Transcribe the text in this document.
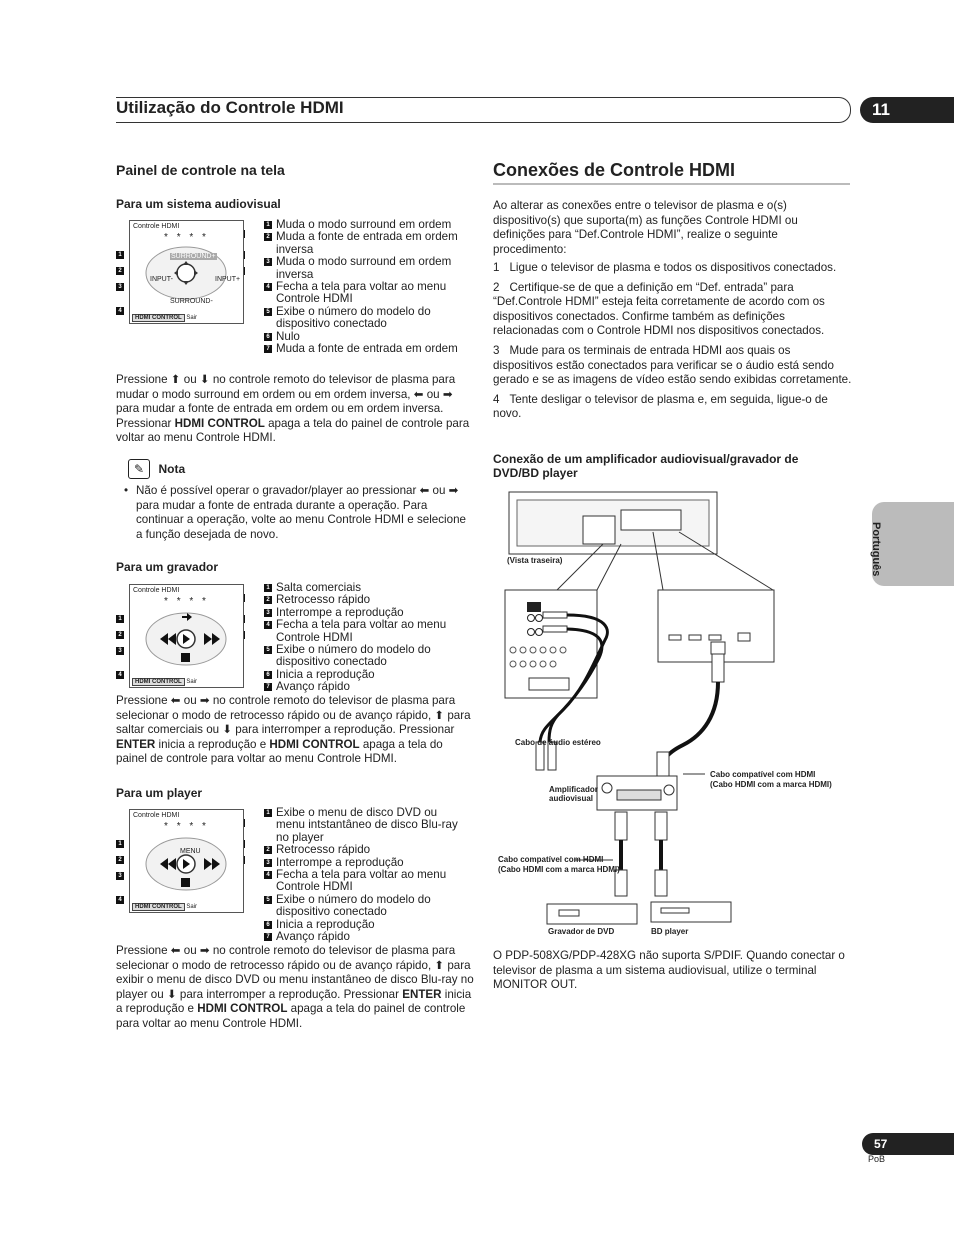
Utilização do Controle HDMI	11
Painel de controle na tela
Para um sistema audiovisual
1
2
3
4
Controle HDMI
* * * *
SURROUND+
INPUT-	INPUT+
SURROUND-
HDMI CONTROL Sair
1 Muda o modo surround em ordem
2 Muda a fonte de entrada em ordem inversa
3 Muda o modo surround em ordem inversa
4 Fecha a tela para voltar ao menu Controle HDMI
5 Exibe o número do modelo do dispositivo conectado
6 Nulo
7 Muda a fonte de entrada em ordem
Pressione ⬆ ou ⬇ no controle remoto do televisor de plasma para mudar o modo surround em ordem ou em ordem inversa, ⬅ ou ➡ para mudar a fonte de entrada em ordem ou em ordem inversa. Pressionar HDMI CONTROL apaga a tela do painel de controle para voltar ao menu Controle HDMI.
✎ Nota
• Não é possível operar o gravador/player ao pressionar ⬅ ou ➡ para mudar a fonte de entrada durante a operação. Para continuar a operação, volte ao menu Controle HDMI e selecione a função desejada de novo.
Para um gravador
1
2
3
4
Controle HDMI
* * * *
HDMI CONTROL Sair
1 Salta comerciais
2 Retrocesso rápido
3 Interrompe a reprodução
4 Fecha a tela para voltar ao menu Controle HDMI
5 Exibe o número do modelo do dispositivo conectado
6 Inicia a reprodução
7 Avanço rápido
Pressione ⬅ ou ➡ no controle remoto do televisor de plasma para selecionar o modo de retrocesso rápido ou de avanço rápido, ⬆ para saltar comerciais ou ⬇ para interromper a reprodução. Pressionar ENTER inicia a reprodução e HDMI CONTROL apaga a tela do painel de controle para voltar ao menu Controle HDMI.
Para um player
1
2
3
4
Controle HDMI
* * * *
MENU
HDMI CONTROL Sair
1 Exibe o menu de disco DVD ou menu intstantâneo de disco Blu-ray no player
2 Retrocesso rápido
3 Interrompe a reprodução
4 Fecha a tela para voltar ao menu Controle HDMI
5 Exibe o número do modelo do dispositivo conectado
6 Inicia a reprodução
7 Avanço rápido
Pressione ⬅ ou ➡ no controle remoto do televisor de plasma para selecionar o modo de retrocesso rápido ou de avanço rápido, ⬆ para exibir o menu de disco DVD ou menu instantâneo de disco Blu-ray no player ou ⬇ para interromper a reprodução. Pressionar ENTER inicia a reprodução e HDMI CONTROL apaga a tela do painel de controle para voltar ao menu Controle HDMI.
Conexões de Controle HDMI
Ao alterar as conexões entre o televisor de plasma e o(s) dispositivo(s) que suporta(m) as funções Controle HDMI ou definições para “Def.Controle HDMI”, realize o seguinte procedimento:
1 Ligue o televisor de plasma e todos os dispositivos conectados.
2 Certifique-se de que a definição em “Def. entrada” para “Def.Controle HDMI” esteja feita corretamente de acordo com os dispositivos conectados. Confirme também as definições relacionadas com o Controle HDMI nos dispositivos conectados.
3 Mude para os terminais de entrada HDMI aos quais os dispositivos estão conectados para verificar se o áudio está sendo gerado e se as imagens de vídeo estão sendo exibidas corretamente.
4 Tente desligar o televisor de plasma e, em seguida, ligue-o de novo.
Conexão de um amplificador audiovisual/gravador de DVD/BD player
(Vista traseira)
Cabo de áudio estéreo
Amplificador audiovisual
Cabo compatível com HDMI
(Cabo HDMI com a marca HDMI)
Cabo compatível com HDMI
(Cabo HDMI com a marca HDMI)
Gravador de DVD	BD player
O PDP-508XG/PDP-428XG não suporta S/PDIF. Quando conectar o televisor de plasma a um sistema audiovisual, utilize o terminal MONITOR OUT.
Português
57
PoB
